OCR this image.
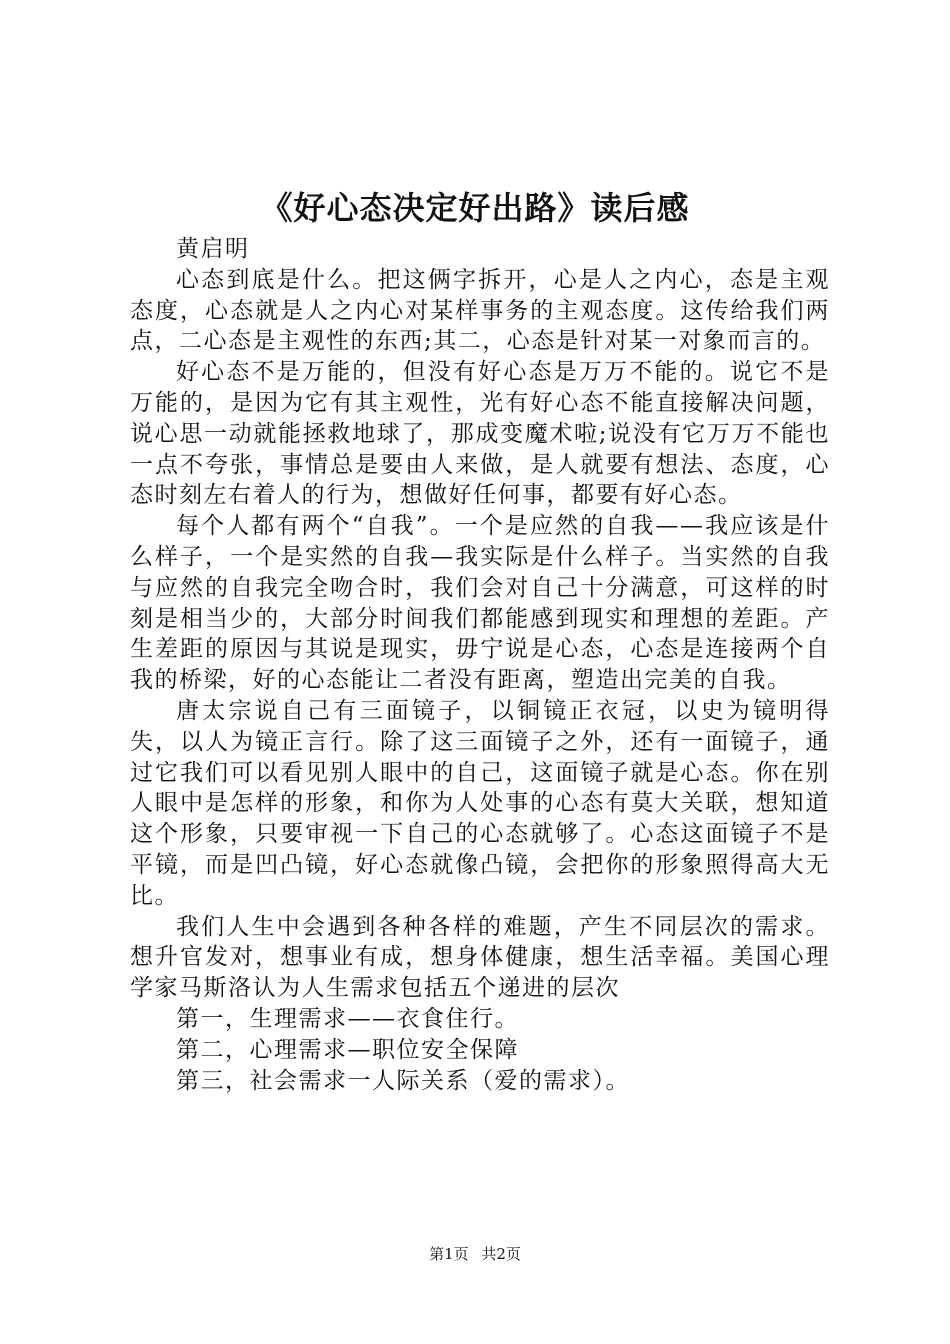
《好心态决定好出路》读后感

黄启明

心态到底是什么。把这俩字拆开，心是人之内心，态是主观态度，心态就是人之内心对某样事务的主观态度。这传给我们两点，二心态是主观性的东西;其二，心态是针对某一对象而言的。

好心态不是万能的，但没有好心态是万万不能的。说它不是万能的，是因为它有其主观性，光有好心态不能直接解决问题，说心思一动就能拯救地球了，那成变魔术啦;说没有它万万不能也一点不夸张，事情总是要由人来做，是人就要有想法、态度，心态时刻左右着人的行为，想做好任何事，都要有好心态。

每个人都有两个“自我”。一个是应然的自我——我应该是什么样子，一个是实然的自我—我实际是什么样子。当实然的自我与应然的自我完全吻合时，我们会对自己十分满意，可这样的时刻是相当少的，大部分时间我们都能感到现实和理想的差距。产生差距的原因与其说是现实，毋宁说是心态，心态是连接两个自我的桥梁，好的心态能让二者没有距离，塑造出完美的自我。

唐太宗说自己有三面镜子，以铜镜正衣冠，以史为镜明得失，以人为镜正言行。除了这三面镜子之外，还有一面镜子，通过它我们可以看见别人眼中的自己，这面镜子就是心态。你在别人眼中是怎样的形象，和你为人处事的心态有莫大关联，想知道这个形象，只要审视一下自己的心态就够了。心态这面镜子不是平镜，而是凹凸镜，好心态就像凸镜，会把你的形象照得高大无比。

我们人生中会遇到各种各样的难题，产生不同层次的需求。想升官发对，想事业有成，想身体健康，想生活幸福。美国心理学家马斯洛认为人生需求包括五个递进的层次

第一，生理需求——衣食住行。

第二，心理需求—职位安全保障

第三，社会需求一人际关系（爱的需求）。

第1页 共2页
